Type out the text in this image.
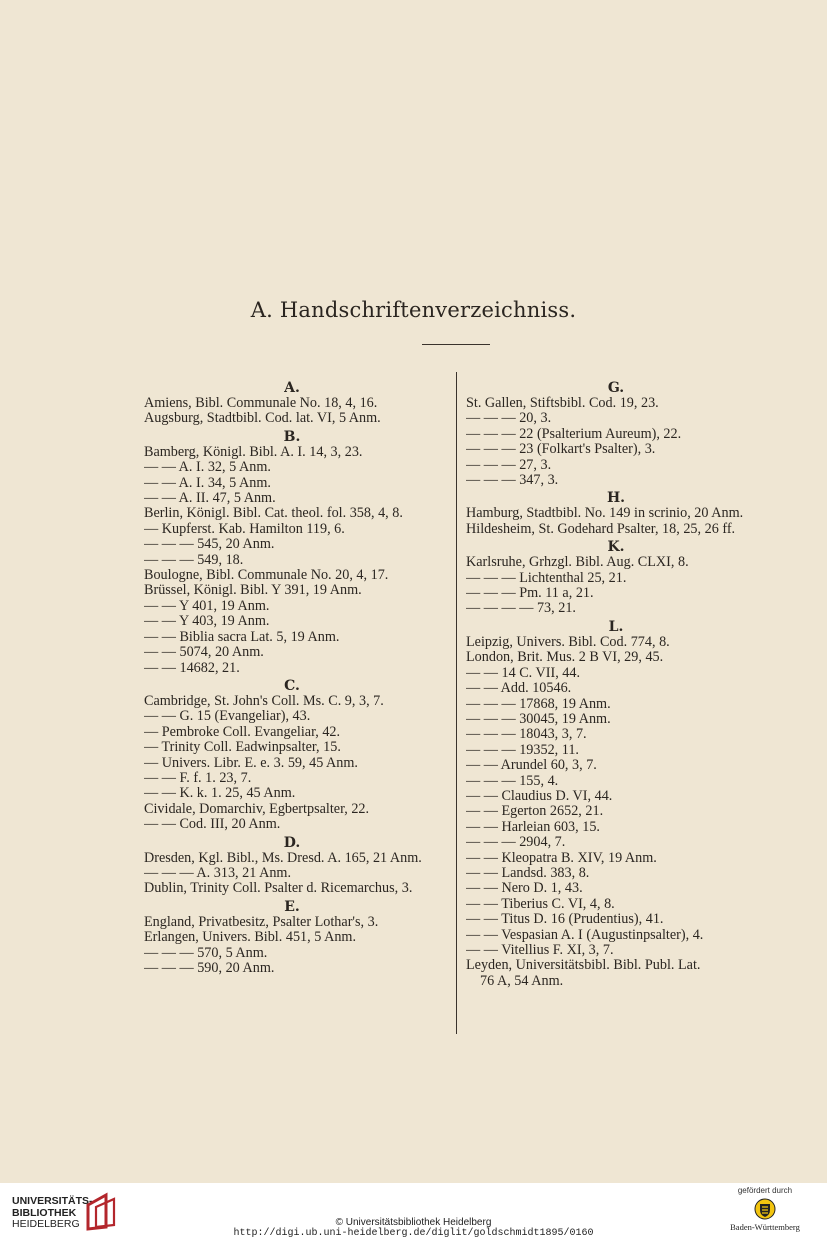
A. Handschriftenverzeichniss.
A.
Amiens, Bibl. Communale No. 18, 4, 16.
Augsburg, Stadtbibl. Cod. lat. VI, 5 Anm.
B.
Bamberg, Königl. Bibl. A. I. 14, 3, 23.
— — A. I. 32, 5 Anm.
— — A. I. 34, 5 Anm.
— — A. II. 47, 5 Anm.
Berlin, Königl. Bibl. Cat. theol. fol. 358, 4, 8.
— Kupferst. Kab. Hamilton 119, 6.
— — — 545, 20 Anm.
— — — 549, 18.
Boulogne, Bibl. Communale No. 20, 4, 17.
Brüssel, Königl. Bibl. Y 391, 19 Anm.
— — Y 401, 19 Anm.
— — Y 403, 19 Anm.
— — Biblia sacra Lat. 5, 19 Anm.
— — 5074, 20 Anm.
— — 14682, 21.
C.
Cambridge, St. John's Coll. Ms. C. 9, 3, 7.
— — G. 15 (Evangeliar), 43.
— Pembroke Coll. Evangeliar, 42.
— Trinity Coll. Eadwinpsalter, 15.
— Univers. Libr. E. e. 3. 59, 45 Anm.
— — F. f. 1. 23, 7.
— — K. k. 1. 25, 45 Anm.
Cividale, Domarchiv, Egbertpsalter, 22.
— — Cod. III, 20 Anm.
D.
Dresden, Kgl. Bibl., Ms. Dresd. A. 165, 21 Anm.
— — — A. 313, 21 Anm.
Dublin, Trinity Coll. Psalter d. Ricemarchus, 3.
E.
England, Privatbesitz, Psalter Lothar's, 3.
Erlangen, Univers. Bibl. 451, 5 Anm.
— — — 570, 5 Anm.
— — — 590, 20 Anm.
G.
St. Gallen, Stiftsbibl. Cod. 19, 23.
— — — 20, 3.
— — — 22 (Psalterium Aureum), 22.
— — — 23 (Folkart's Psalter), 3.
— — — 27, 3.
— — — 347, 3.
H.
Hamburg, Stadtbibl. No. 149 in scrinio, 20 Anm.
Hildesheim, St. Godehard Psalter, 18, 25, 26 ff.
K.
Karlsruhe, Grhzgl. Bibl. Aug. CLXI, 8.
— — — Lichtenthal 25, 21.
— — — Pm. 11 a, 21.
— — — — 73, 21.
L.
Leipzig, Univers. Bibl. Cod. 774, 8.
London, Brit. Mus. 2 B VI, 29, 45.
— — 14 C. VII, 44.
— — Add. 10546.
— — — 17868, 19 Anm.
— — — 30045, 19 Anm.
— — — 18043, 3, 7.
— — — 19352, 11.
— — Arundel 60, 3, 7.
— — — 155, 4.
— — Claudius D. VI, 44.
— — Egerton 2652, 21.
— — Harleian 603, 15.
— — — 2904, 7.
— — Kleopatra B. XIV, 19 Anm.
— — Landsd. 383, 8.
— — Nero D. 1, 43.
— — Tiberius C. VI, 4, 8.
— — Titus D. 16 (Prudentius), 41.
— — Vespasian A. I (Augustinpsalter), 4.
— — Vitellius F. XI, 3, 7.
Leyden, Universitätsbibl. Bibl. Publ. Lat.
76 A, 54 Anm.
UNIVERSITÄTS-
BIBLIOTHEK
HEIDELBERG	© Universitätsbibliothek Heidelberg
http://digi.ub.uni-heidelberg.de/diglit/goldschmidt1895/0160
gefördert durch
Baden-Württemberg
